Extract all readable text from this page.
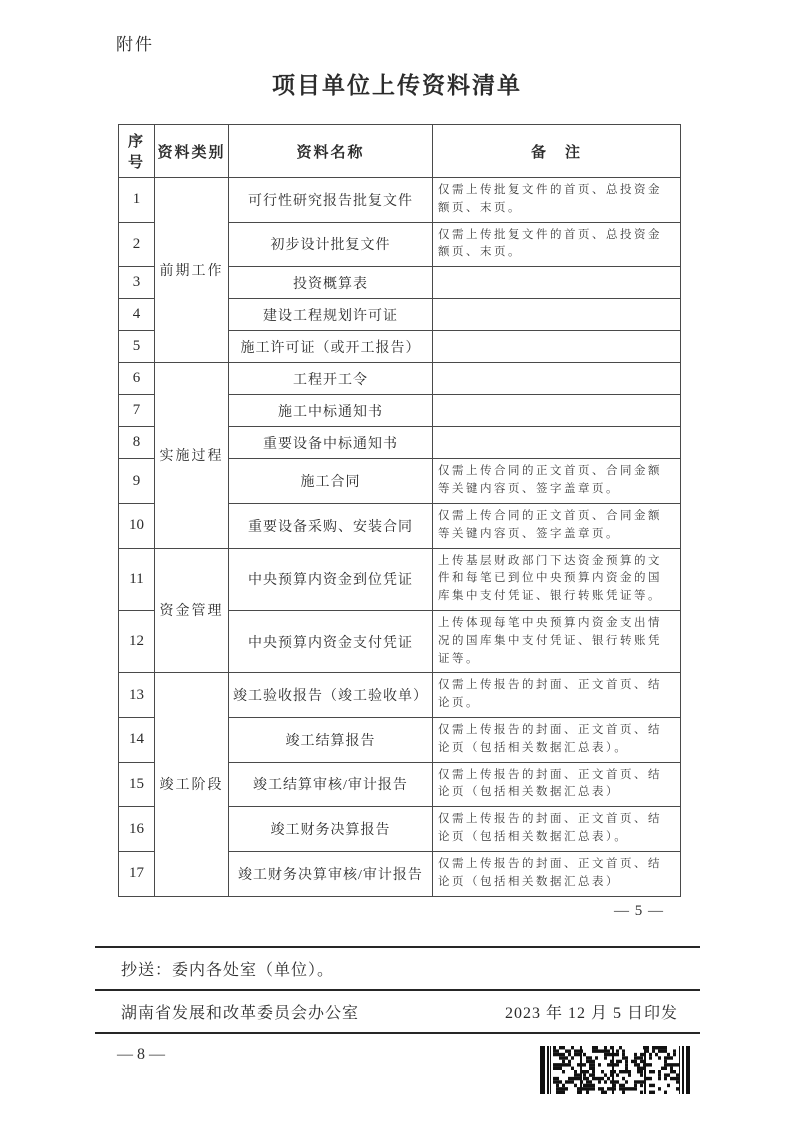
附件
项目单位上传资料清单
序号	资料类别	资料名称	备　注
1	前期工作	可行性研究报告批复文件	仅需上传批复文件的首页、总投资金额页、末页。
2		初步设计批复文件	仅需上传批复文件的首页、总投资金额页、末页。
3		投资概算表	
4		建设工程规划许可证	
5		施工许可证（或开工报告）	
6	实施过程	工程开工令	
7		施工中标通知书	
8		重要设备中标通知书	
9		施工合同	仅需上传合同的正文首页、合同金额等关键内容页、签字盖章页。
10		重要设备采购、安装合同	仅需上传合同的正文首页、合同金额等关键内容页、签字盖章页。
11	资金管理	中央预算内资金到位凭证	上传基层财政部门下达资金预算的文件和每笔已到位中央预算内资金的国库集中支付凭证、银行转账凭证等。
12		中央预算内资金支付凭证	上传体现每笔中央预算内资金支出情况的国库集中支付凭证、银行转账凭证等。
13	竣工阶段	竣工验收报告（竣工验收单）	仅需上传报告的封面、正文首页、结论页。
14		竣工结算报告	仅需上传报告的封面、正文首页、结论页（包括相关数据汇总表）。
15		竣工结算审核/审计报告	仅需上传报告的封面、正文首页、结论页（包括相关数据汇总表）
16		竣工财务决算报告	仅需上传报告的封面、正文首页、结论页（包括相关数据汇总表）。
17		竣工财务决算审核/审计报告	仅需上传报告的封面、正文首页、结论页（包括相关数据汇总表）
— 5 —
抄送：委内各处室（单位）。
湖南省发展和改革委员会办公室	2023 年 12 月 5 日印发
— 8 —
